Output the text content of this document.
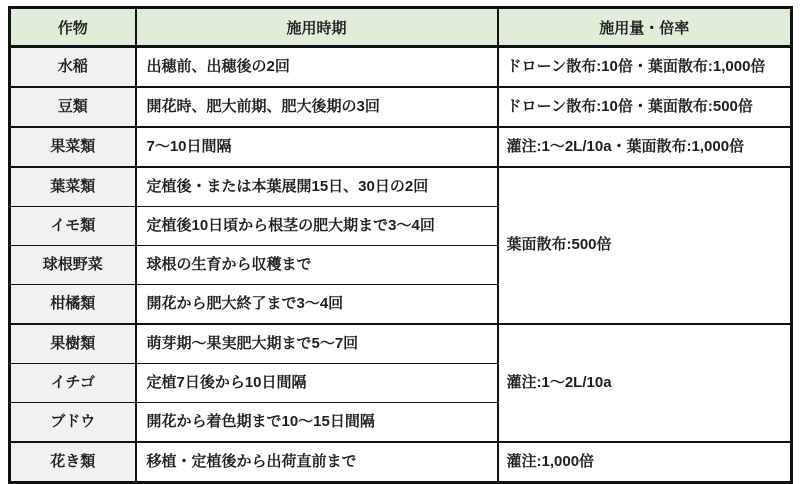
作物	施用時期	施用量・倍率
水稲	出穂前、出穂後の2回	ドローン散布:10倍・葉面散布:1,000倍
豆類	開花時、肥大前期、肥大後期の3回	ドローン散布:10倍・葉面散布:500倍
果菜類	7〜10日間隔	灌注:1〜2L/10a・葉面散布:1,000倍
葉菜類	定植後・または本葉展開15日、30日の2回	葉面散布:500倍
イモ類	定植後10日頃から根茎の肥大期まで3〜4回	
球根野菜	球根の生育から収穫まで	
柑橘類	開花から肥大終了まで3〜4回	
果樹類	萌芽期〜果実肥大期まで5〜7回	灌注:1〜2L/10a
イチゴ	定植7日後から10日間隔	
ブドウ	開花から着色期まで10〜15日間隔	
花き類	移植・定植後から出荷直前まで	灌注:1,000倍
